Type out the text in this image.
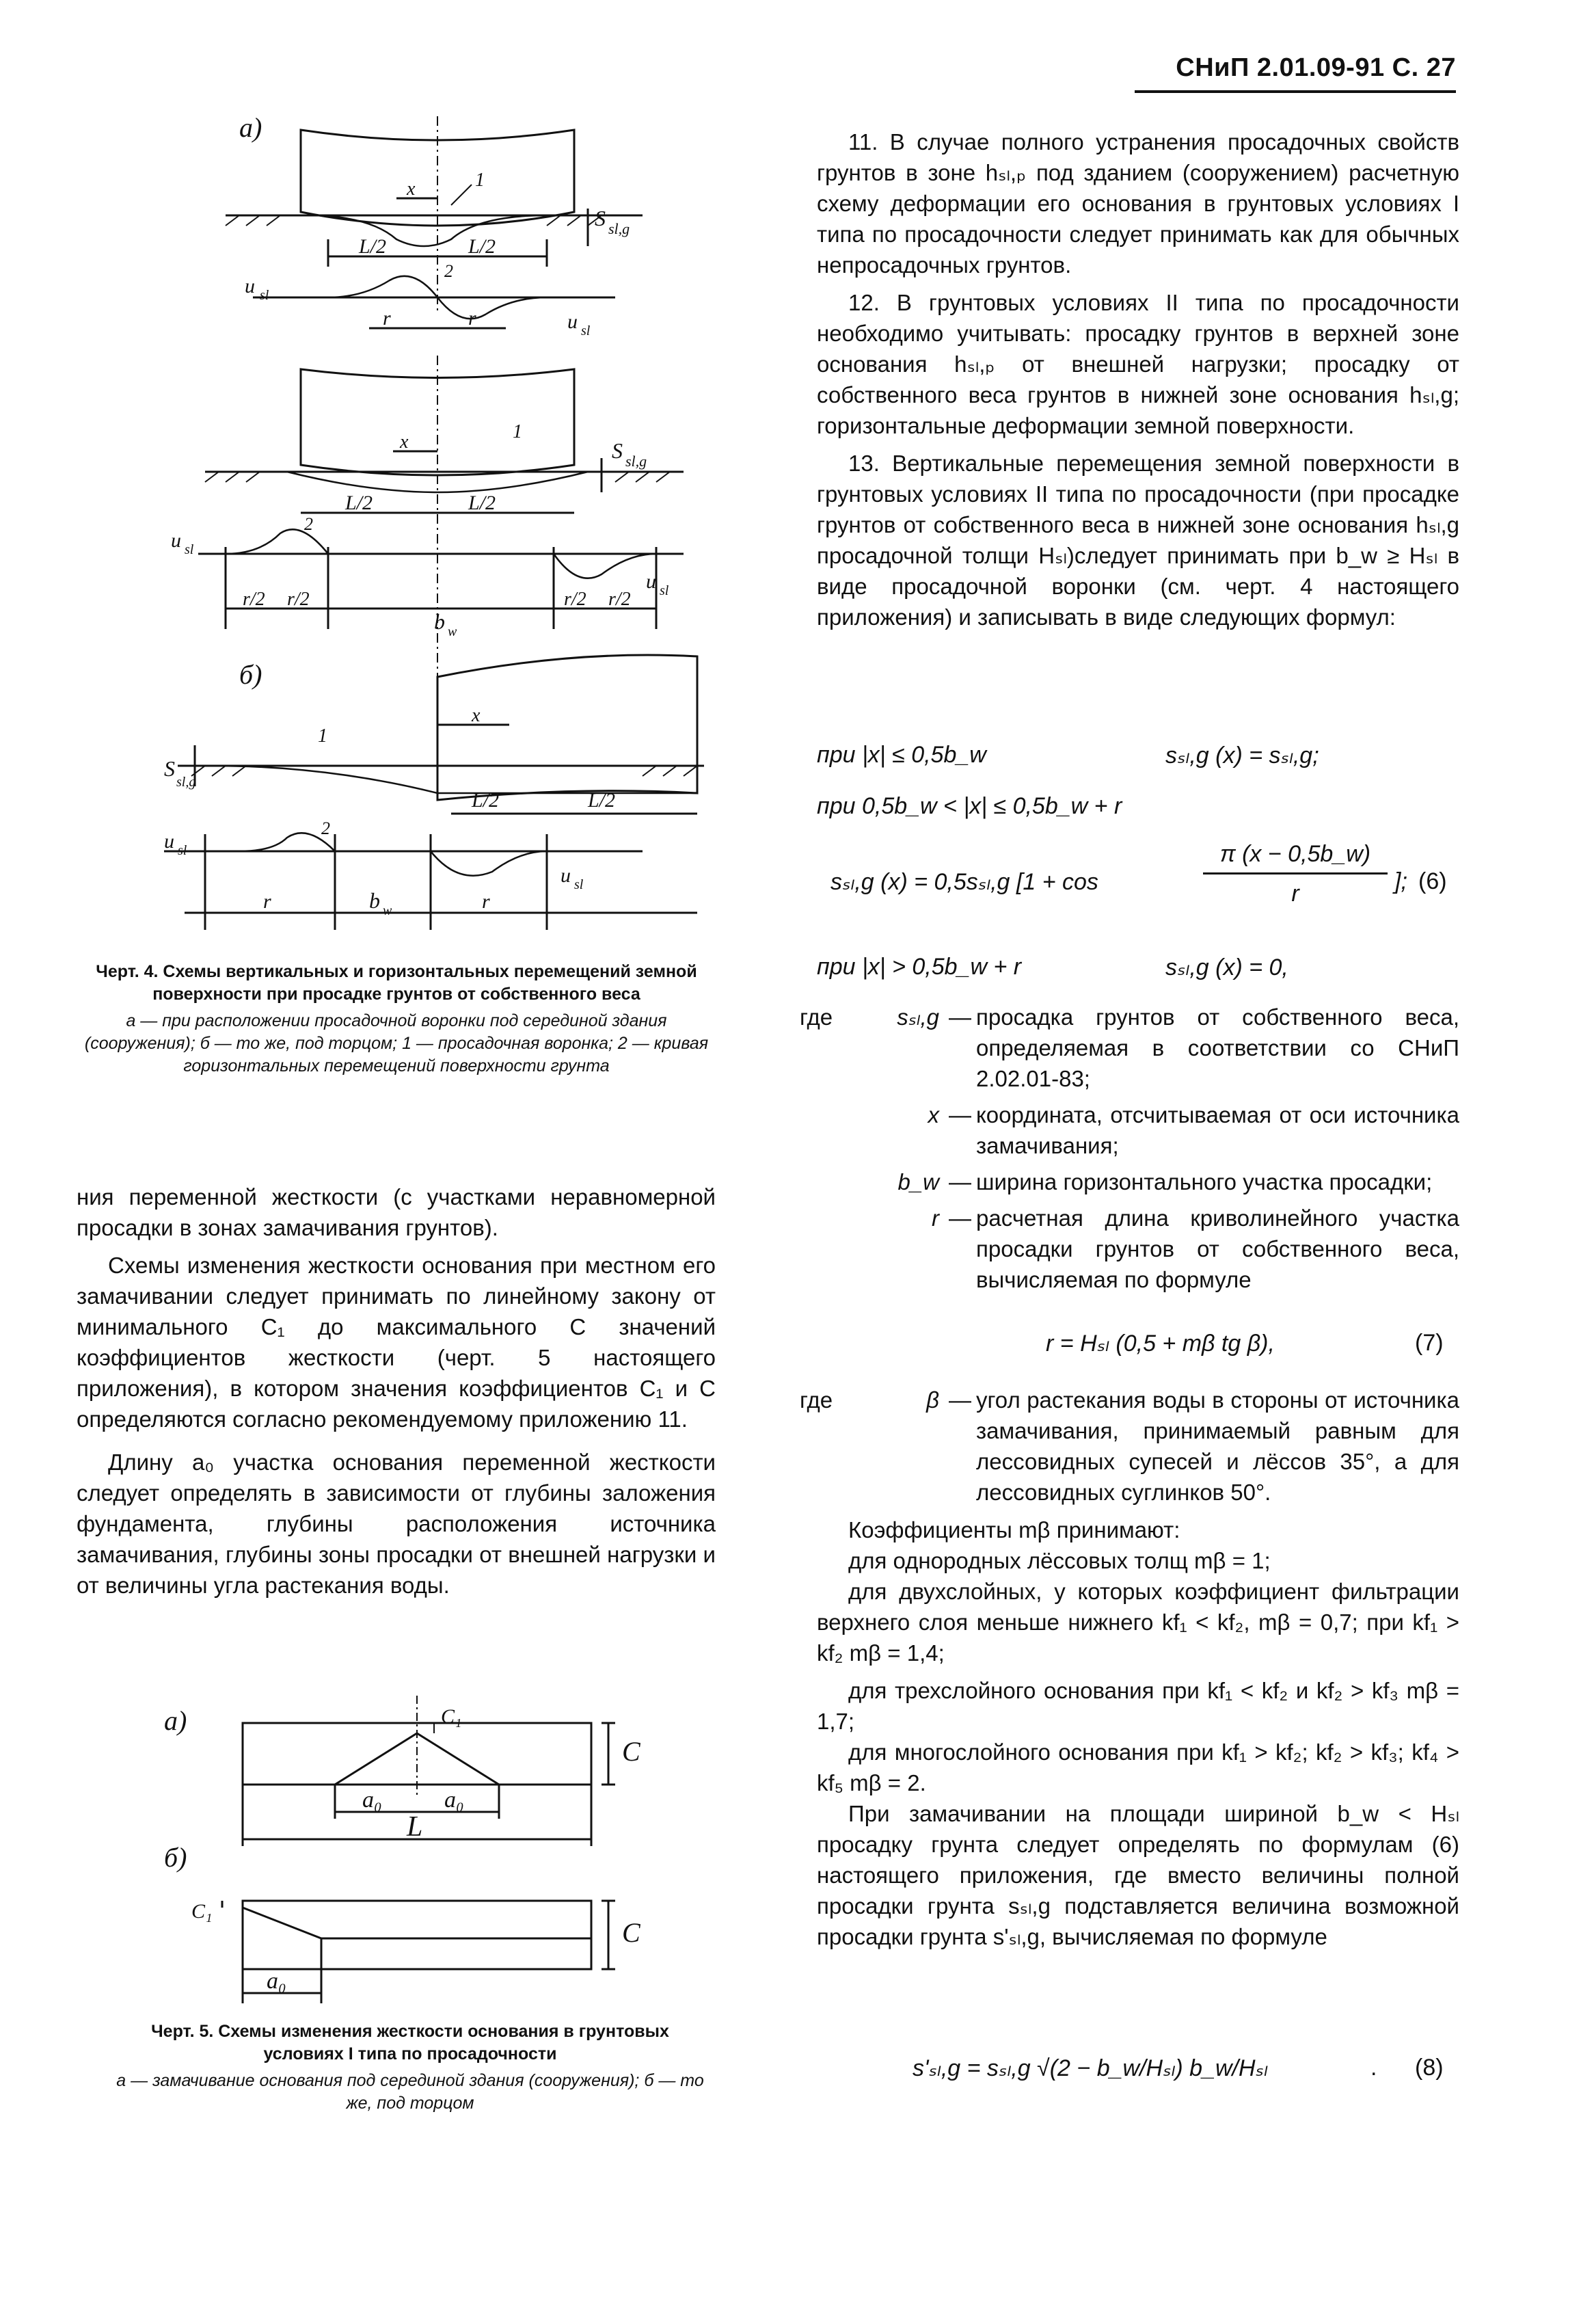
СНиП 2.01.09-91 С. 27
а)
x	1
S sl,g
L/2	L/2
2
u sl
u sl
r	r
x	1
S sl,g
L/2	L/2
2
u sl
u sl
r/2 r/2	r/2 r/2
b w
б)
x
1
S
sl,g
L/2	L/2
2
u sl
u sl
r	b w	r
Черт. 4. Схемы вертикальных и горизонтальных перемещений земной поверхности при просадке грунтов от собственного веса
а — при расположении просадочной воронки под серединой здания (сооружения); б — то же, под торцом; 1 — просадочная воронка; 2 — кривая горизонтальных перемещений поверхности грунта

ния переменной жесткости (с участками неравномерной просадки в зонах замачивания грунтов).

Схемы изменения жесткости основания при местном его замачивании следует принимать по линейному закону от минимального C₁ до максимального C значений коэффициентов жесткости (черт. 5 настоящего приложения), в котором значения коэффициентов C₁ и C определяются согласно рекомендуемому приложению 11.

Длину a₀ участка основания переменной жесткости следует определять в зависимости от глубины заложения фундамента, глубины расположения источника замачивания, глубины зоны просадки от внешней нагрузки и от величины угла растекания воды.

а)
C
C₁
a₀	a₀
L
б)
a₀
C₁
C
Черт. 5. Схемы изменения жесткости основания в грунтовых условиях I типа по просадочности
а — замачивание основания под серединой здания (сооружения); б — то же, под торцом

11. В случае полного устранения просадочных свойств грунтов в зоне hₛₗ,ₚ под зданием (сооружением) расчетную схему деформации его основания в грунтовых условиях I типа по просадочности следует принимать как для обычных непросадочных грунтов.

12. В грунтовых условиях II типа по просадочности необходимо учитывать: просадку грунтов в верхней зоне основания hₛₗ,ₚ от внешней нагрузки; просадку от собственного веса грунтов в нижней зоне основания hₛₗ,g; горизонтальные деформации земной поверхности.

13. Вертикальные перемещения земной поверхности в грунтовых условиях II типа по просадочности (при просадке грунтов от собственного веса в нижней зоне основания hₛₗ,g просадочной толщи Hₛₗ)следует принимать при b_w ≥ Hₛₗ в виде просадочной воронки (см. черт. 4 настоящего приложения) и записывать в виде следующих формул:

при |x| ≤ 0,5b_w	sₛₗ,g (x) = sₛₗ,g;
при 0,5b_w < |x| ≤ 0,5b_w + r
sₛₗ,g (x) = 0,5sₛₗ,g [1 + cos
π (x − 0,5b_w)
r	]; (6)
при |x| > 0,5b_w + r	sₛₗ,g (x) = 0,
где	sₛₗ,g — просадка грунтов от собственного веса, определяемая в соответствии со СНиП 2.02.01-83;
x — координата, отсчитываемая от оси источника замачивания;
b_w — ширина горизонтального участка просадки;
r — расчетная длина криволинейного участка просадки грунтов от собственного веса, вычисляемая по формуле
r = Hₛₗ (0,5 + mβ tg β),	(7)
где	β — угол растекания воды в стороны от источника замачивания, принимаемый равным для лессовидных супесей и лёссов 35°, а для лессовидных суглинков 50°.

Коэффициенты mβ принимают:

для однородных лёссовых толщ mβ = 1;

для двухслойных, у которых коэффициент фильтрации верхнего слоя меньше нижнего kf₁ < kf₂, mβ = 0,7; при kf₁ > kf₂ mβ = 1,4;

для трехслойного основания при kf₁ < kf₂ и kf₂ > kf₃ mβ = 1,7;

для многослойного основания при kf₁ > kf₂; kf₂ > kf₃; kf₄ > kf₅ mβ = 2.

При замачивании на площади шириной b_w < Hₛₗ просадку грунта следует определять по формулам (6) настоящего приложения, где вместо величины полной просадки грунта sₛₗ,g подставляется величина возможной просадки грунта s'ₛₗ,g, вычисляемая по формуле

s'ₛₗ,g = sₛₗ,g √(2 − b_w/Hₛₗ) b_w/Hₛₗ	. (8)
